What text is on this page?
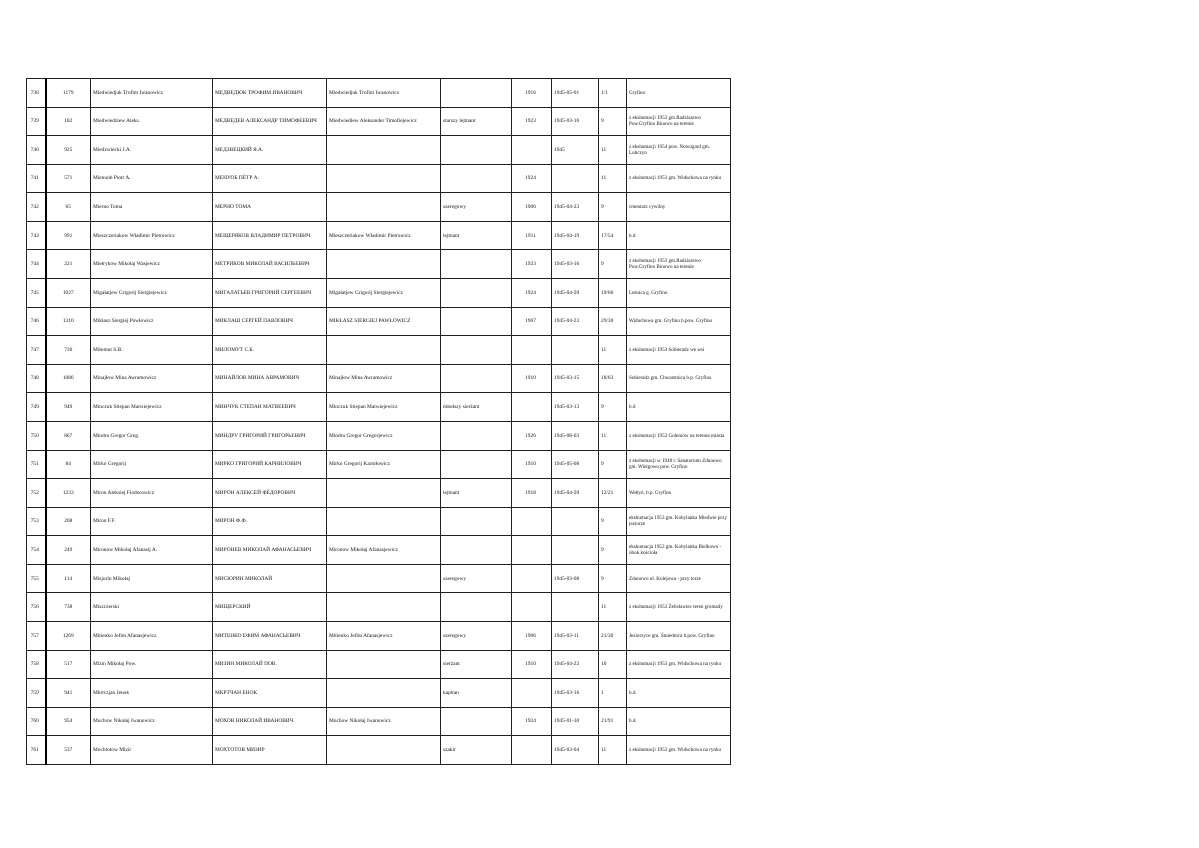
738	1179	Miedwiedjuk Trofim Iwanowicz	МЕДВЕДЮК ТРОФИМ ИВАНОВИЧ	Miedwiedjuk Trofim Iwanowicz		1916	1945-05-01	1/1	Gryfino
739	182	Miedwiedziew Aleks.	МЕДВЕДЕВ АЛЕКСАНДР ТИМОФЕЕВИЧ	Miedwiediew Aleksander Timofiejewicz	starszy lejtnant	1923	1945-03-16	9	z ekshumacji 1953 gm.Radziszewo Pow.Gryfino Binowo na terenie
740	925	Miedzwiecki J.A.	МЕДЗВЕЦКИЙ Я.А.				1945	11	z ekshumacji 1954 pow. Nowogard gm. Lubczyn
741	571	Mienuob Piotr A.	МЕНУОБ ПЁТР А.			1924		11	z ekshumacji 1953 gm. Widuchowa na rynku
742	65	Mierno Toma	МЕРНО ТОМА		szeregowy	1906	1945-04-23	9	cmentarz cywilny
743	991	Mieszczeriakow Władimir Pietrowicz	МЕЩЕРЯКОВ ВЛАДИМИР ПЕТРОВИЧ	Mieszczeriakow Władimir Pietrowicz	lejtnant	1911	1945-04-19	17/54	b.d
744	221	Mietrykow Mikołaj Wasjewicz	МЕТРИКОВ МИКОЛАЙ ВАСИЛЬЕВИЧ			1923	1945-03-16	9	z ekshumacji 1953 gm.Radziszewo Pow.Gryfino Binowo na terenie
745	1027	Migałatjew Grigorij Siergiejewicz	МИГАЛАТЬЕВ ГРИГОРИЙ СЕРГЕЕВИЧ	Migałatjew Grigorij Siergiejewicz		1924	1945-04-20	19/66	Leśnica g. Gryfino
746	1310	Mikłasz Siergiej Pawłowicz	МИКЛАШ СЕРГЕЙ ПАВЛОВИЧ	MIKŁASZ SIERGIEJ PAWŁOWICZ		1907	1945-04-23	29/30	Widuchowa gm. Gryfino b.pow. Gryfino
747	730	Miłomut S.B.	МИЛОМУТ С.Б.					11	z ekshumacji 1953 Sobieradz we wsi
748	1086	Minajłow Mina Awramowicz	МИНАЙЛОВ МИНА АВРАМОВИЧ	Minajłow Mina Awramowicz		1910	1945-03-15	18/63	Sobieradz gm. Chwarstnica b.p. Gryfino
749	949	Minczuk Stiepan Matwiejewicz	МИНЧУК СТЕПАН МАТВЕЕВИЧ	Minczuk Stiepan Matwiejewicz	młodszy sierżant		1945-03-13	9	b.d
750	867	Mindru Gregor Greg.	МИНДРУ ГРИГОРИЙ ГРИГОРЬЕВИЧ	Mindru Gregor Gregorjewicz		1926	1945-08-03	11	z ekshumacji 1953 Goleniów na terenie miasta
751	84	Mirko Gregorij	МИРКО ГРИГОРИЙ КАРНИЛОВИЧ	Mirko Gregorij Karniłowicz		1910	1945-05-08	9	z ekshumacji w 1948 r. Sanatorium Zdunowo gm. Wielgowo pow. Gryfino
752	1233	Miron Aleksiej Fiodorowicz	МИРОН АЛЕКСЕЙ ФЁДОРОВИЧ		lejtnant	1918	1945-04-20	12/21	Wełtyń, b.p. Gryfino
753	268	Miron F.F.	МИРОН Ф.Ф.					9	ekshumacja 1953 gm. Kobylanka Miedwie przy jeziorze
754	249	Mironow Mikołaj Afanasij A.	МИРОНЕВ МИКОЛАЙ АФАНАСЬЕВИЧ	Mironow Mikołaj Afanasjewicz				9	ekshumacja 1953 gm. Kobylanka Bielkowo - obok kościoła
755	114	Misjurin Mikołaj	МИСЮРИН МИКОЛАЙ		szeregowy		1945-03-08	9	Zdunowo ul. Kolejowa - przy torze
756	738	Miszczerski	МИЩЕРСКИЙ					11	z ekshumacji 1953 Żelisławiec teren gromady
757	1269	Mitienko Jefim Afanasjewicz	МИТЕНКО ЕФИМ АФАНАСЬЕВИЧ	Mitienko Jefim Afanasjewicz	szeregowy	1906	1945-03-11	21/30	Jeziorzyce gm. Śmiednica b.pow. Gryfino
758	517	Mizin Mikołaj Pow.	МИЗИН МИКОЛАЙ ПОВ.		sierżant	1910	1945-04-22	10	z ekshumacji 1953 gm. Widuchowa na rynku
759	941	Mkrtczjan Jenok	МКРТЧАН ЕНОК		kapitan		1945-03-16	1	b.d.
760	954	Mochow Nikołaj Iwanowicz	МОХОВ НИКОЛАЙ ИВАНОВИЧ	Mochow Nikołaj Iwanowicz		1924	1945-01-30	21/91	b.d.
761	537	Mochtotow Mizir	МОХТОТОВ МИЗИР		szakir		1945-03-04	11	z ekshumacji 1953 gm. Widuchowa na rynku
